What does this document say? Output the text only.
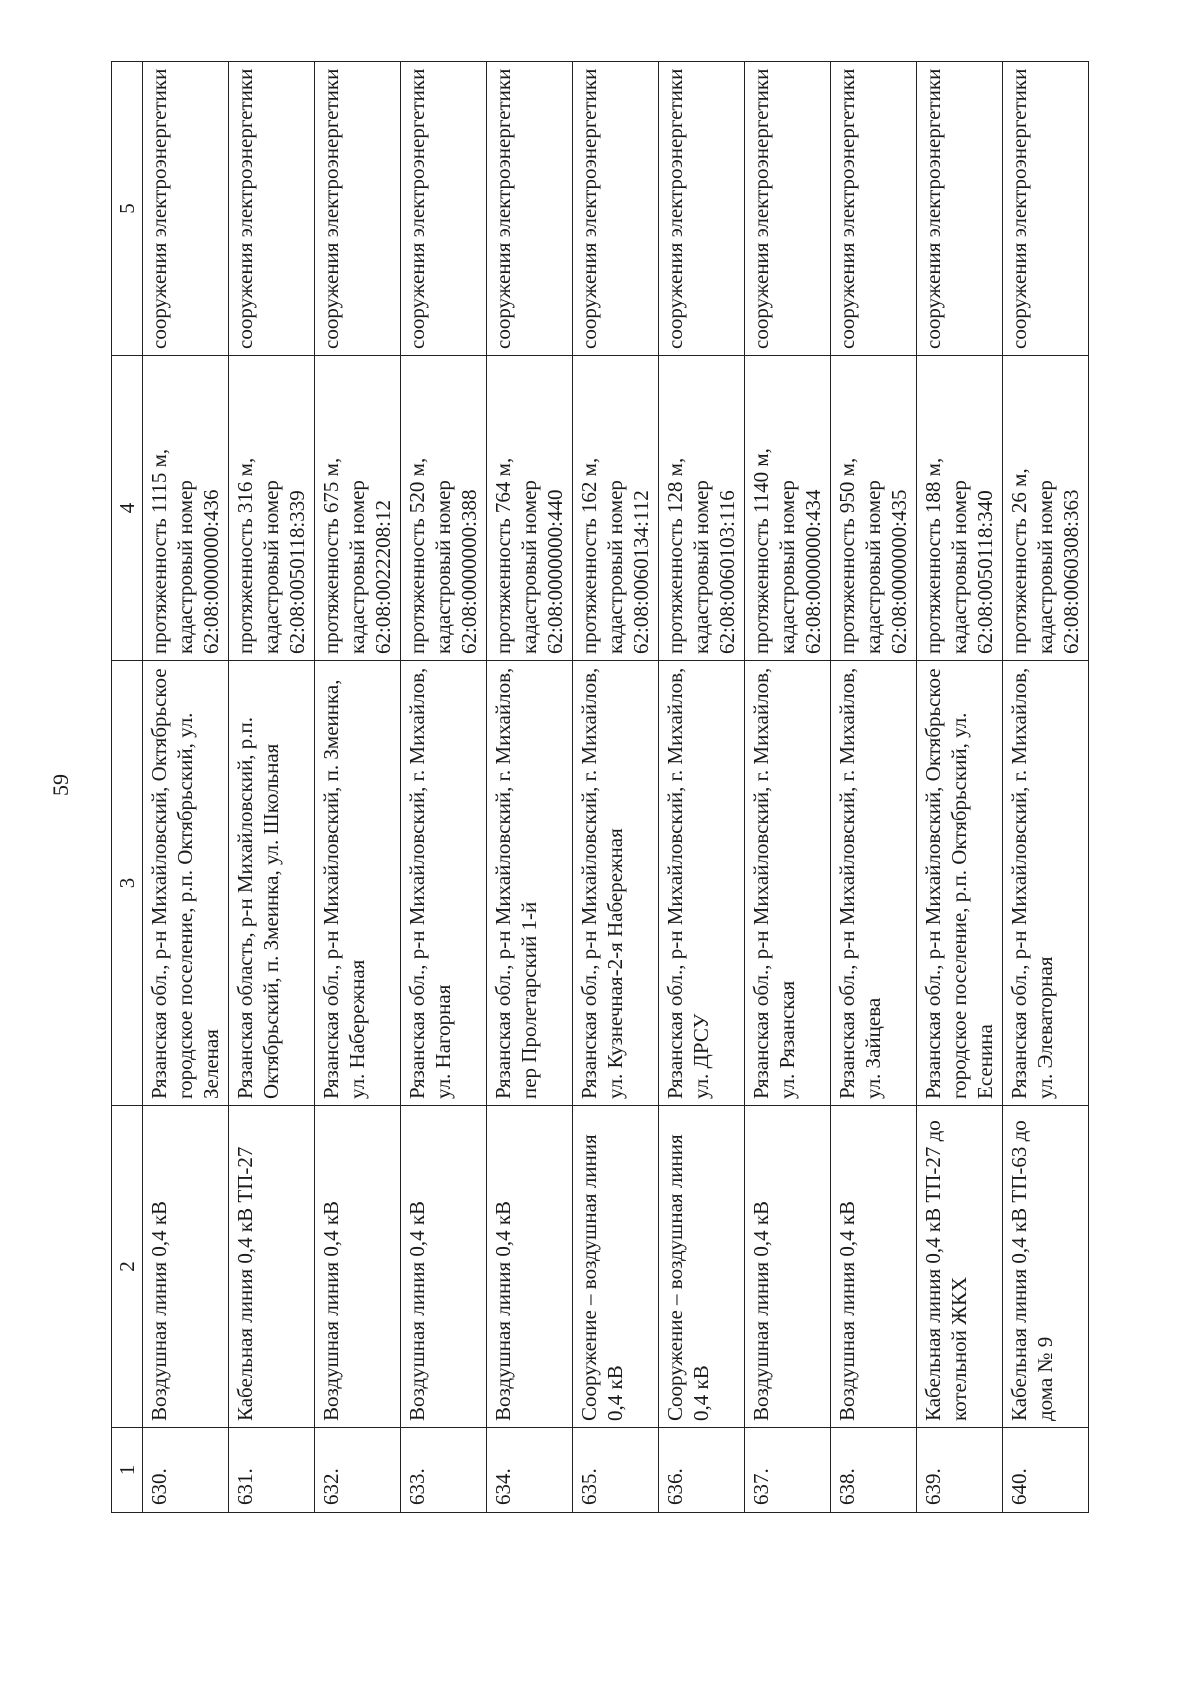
59
1	2	3	4	5
630.	Воздушная линия 0,4 кВ	Рязанская обл., р-н Михайловский, Октябрьское городское поселение, р.п. Октябрьский, ул. Зеленая	протяженность 1115 м, кадастровый номер 62:08:0000000:436	сооружения электроэнергетики
631.	Кабельная линия 0,4 кВ ТП-27	Рязанская область, р-н Михайловский, р.п. Октябрьский, п. Змеинка, ул. Школьная	протяженность 316 м, кадастровый номер 62:08:0050118:339	сооружения электроэнергетики
632.	Воздушная линия 0,4 кВ	Рязанская обл., р-н Михайловский, п. Змеинка, ул. Набережная	протяженность 675 м, кадастровый номер 62:08:0022208:12	сооружения электроэнергетики
633.	Воздушная линия 0,4 кВ	Рязанская обл., р-н Михайловский, г. Михайлов, ул. Нагорная	протяженность 520 м, кадастровый номер 62:08:0000000:388	сооружения электроэнергетики
634.	Воздушная линия 0,4 кВ	Рязанская обл., р-н Михайловский, г. Михайлов, пер Пролетарский 1-й	протяженность 764 м, кадастровый номер 62:08:0000000:440	сооружения электроэнергетики
635.	Сооружение – воздушная линия 0,4 кВ	Рязанская обл., р-н Михайловский, г. Михайлов, ул. Кузнечная-2-я Набережная	протяженность 162 м, кадастровый номер 62:08:0060134:112	сооружения электроэнергетики
636.	Сооружение – воздушная линия 0,4 кВ	Рязанская обл., р-н Михайловский, г. Михайлов, ул. ДРСУ	протяженность 128 м, кадастровый номер 62:08:0060103:116	сооружения электроэнергетики
637.	Воздушная линия 0,4 кВ	Рязанская обл., р-н Михайловский, г. Михайлов, ул. Рязанская	протяженность 1140 м, кадастровый номер 62:08:0000000:434	сооружения электроэнергетики
638.	Воздушная линия 0,4 кВ	Рязанская обл., р-н Михайловский, г. Михайлов, ул. Зайцева	протяженность 950 м, кадастровый номер 62:08:0000000:435	сооружения электроэнергетики
639.	Кабельная линия 0,4 кВ ТП-27 до котельной ЖКХ	Рязанская обл., р-н Михайловский, Октябрьское городское поселение, р.п. Октябрьский, ул. Есенина	протяженность 188 м, кадастровый номер 62:08:0050118:340	сооружения электроэнергетики
640.	Кабельная линия 0,4 кВ ТП-63 до дома № 9	Рязанская обл., р-н Михайловский, г. Михайлов, ул. Элеваторная	протяженность 26 м, кадастровый номер 62:08:0060308:363	сооружения электроэнергетики
